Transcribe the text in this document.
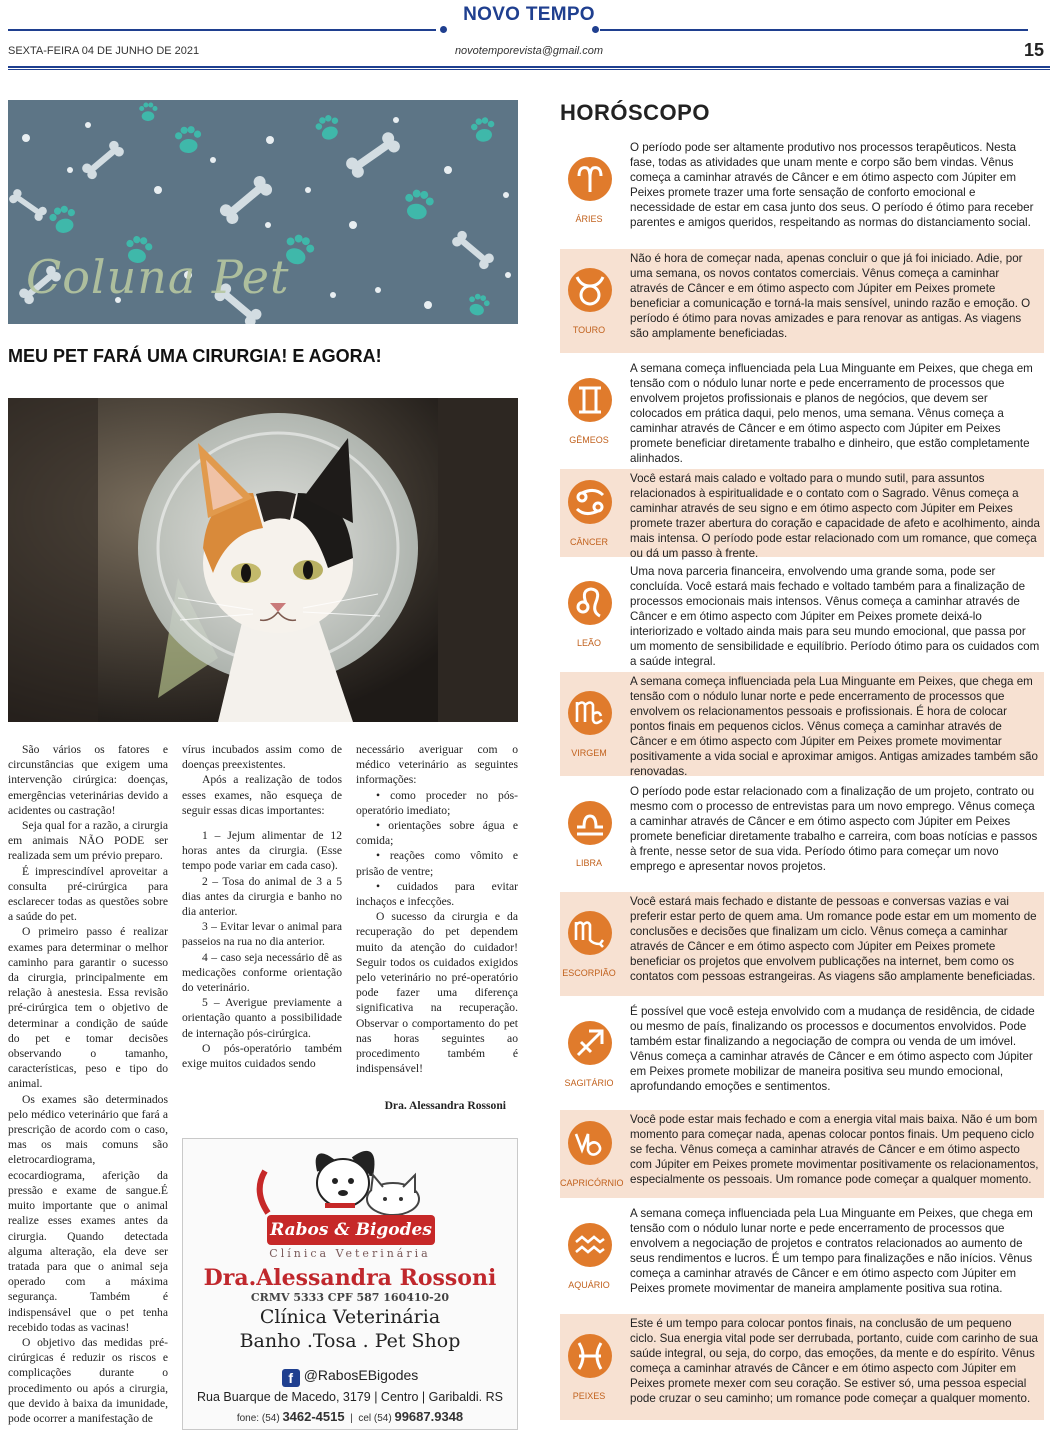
NOVO TEMPO
SEXTA-FEIRA 04 DE JUNHO DE 2021	novotemporevista@gmail.com	15
Coluna Pet
MEU PET FARÁ UMA CIRURGIA! E AGORA!

São vários os fatores e circunstâncias que exigem uma intervenção cirúrgica: doenças, emergências veterinárias devido a acidentes ou castração!

Seja qual for a razão, a cirurgia em animais NÃO PODE ser realizada sem um prévio preparo.

É imprescindível aproveitar a consulta pré-cirúrgica para esclarecer todas as questões sobre a saúde do pet.

O primeiro passo é realizar exames para determinar o melhor caminho para garantir o sucesso da cirurgia, principalmente em relação à anestesia. Essa revisão pré-cirúrgica tem o objetivo de determinar a condição de saúde do pet e tomar decisões observando o tamanho, características, peso e tipo do animal.

Os exames são determinados pelo médico veterinário que fará a prescrição de acordo com o caso, mas os mais comuns são eletrocardiograma, ecocardiograma, aferição da pressão e exame de sangue.É muito importante que o animal realize esses exames antes da cirurgia. Quando detectada alguma alteração, ela deve ser tratada para que o animal seja operado com a máxima segurança. Também é indispensável que o pet tenha recebido todas as vacinas!

O objetivo das medidas pré-cirúrgicas é reduzir os riscos e complicações durante o procedimento ou após a cirurgia, que devido à baixa da imunidade, pode ocorrer a manifestação de

vírus incubados assim como de doenças preexistentes.

Após a realização de todos esses exames, não esqueça de seguir essas dicas importantes:

1 – Jejum alimentar de 12 horas antes da cirurgia. (Esse tempo pode variar em cada caso).

2 – Tosa do animal de 3 a 5 dias antes da cirurgia e banho no dia anterior.

3 – Evitar levar o animal para passeios na rua no dia anterior.

4 – caso seja necessário dê as medicações conforme orientação do veterinário.

5 – Averigue previamente a orientação quanto a possibilidade de internação pós-cirúrgica.

O pós-operatório também exige muitos cuidados sendo

necessário averiguar com o médico veterinário as seguintes informações:

• como proceder no pós-operatório imediato;

• orientações sobre água e comida;

• reações como vômito e prisão de ventre;

• cuidados para evitar inchaços e infecções.

O sucesso da cirurgia e da recuperação do pet dependem muito da atenção do cuidador! Seguir todos os cuidados exigidos pelo veterinário no pré-operatório pode fazer uma diferença significativa na recuperação. Observar o comportamento do pet nas horas seguintes ao procedimento também é indispensável!

Dra. Alessandra Rossoni

Rabos & Bigodes
Clínica Veterinária
Dra.Alessandra Rossoni
CRMV 5333 CPF 587 160410-20
Clínica Veterinária
Banho .Tosa . Pet Shop
f @RabosEBigodes
Rua Buarque de Macedo, 3179 | Centro | Garibaldi. RS
fone: (54) 3462-4515  |  cel (54) 99687.9348
HORÓSCOPO
ÁRIES
O período pode ser altamente produtivo nos processos terapêuticos. Nesta fase, todas as atividades que unam mente e corpo são bem vindas. Vênus começa a caminhar através de Câncer e em ótimo aspecto com Júpiter em Peixes promete trazer uma forte sensação de conforto emocional e necessidade de estar em casa junto dos seus. O período é ótimo para receber parentes e amigos queridos, respeitando as normas do distanciamento social.
TOURO
Não é hora de começar nada, apenas concluir o que já foi iniciado. Adie, por uma semana, os novos contatos comerciais. Vênus começa a caminhar através de Câncer e em ótimo aspecto com Júpiter em Peixes promete beneficiar a comunicação e torná-la mais sensível, unindo razão e emoção. O período é ótimo para novas amizades e para renovar as antigas. As viagens são amplamente beneficiadas.
GÊMEOS
A semana começa influenciada pela Lua Minguante em Peixes, que chega em tensão com o nódulo lunar norte e pede encerramento de processos que envolvem projetos profissionais e planos de negócios, que devem ser colocados em prática daqui, pelo menos, uma semana. Vênus começa a caminhar através de Câncer e em ótimo aspecto com Júpiter em Peixes promete beneficiar diretamente trabalho e dinheiro, que estão completamente alinhados.
CÂNCER
Você estará mais calado e voltado para o mundo sutil, para assuntos relacionados à espiritualidade e o contato com o Sagrado. Vênus começa a caminhar através de seu signo e em ótimo aspecto com Júpiter em Peixes promete trazer abertura do coração e capacidade de afeto e acolhimento, ainda mais intensa. O período pode estar relacionado com um romance, que começa ou dá um passo à frente.
LEÃO
Uma nova parceria financeira, envolvendo uma grande soma, pode ser concluída. Você estará mais fechado e voltado também para a finalização de processos emocionais mais intensos. Vênus começa a caminhar através de Câncer e em ótimo aspecto com Júpiter em Peixes promete deixá-lo interiorizado e voltado ainda mais para seu mundo emocional, que passa por um momento de sensibilidade e equilíbrio. Período ótimo para os cuidados com a saúde integral.
VIRGEM
A semana começa influenciada pela Lua Minguante em Peixes, que chega em tensão com o nódulo lunar norte e pede encerramento de processos que envolvem os relacionamentos pessoais e profissionais. É hora de colocar pontos finais em pequenos ciclos. Vênus começa a caminhar através de Câncer e em ótimo aspecto com Júpiter em Peixes promete movimentar positivamente a vida social e aproximar amigos. Antigas amizades também são renovadas.
LIBRA
O período pode estar relacionado com a finalização de um projeto, contrato ou mesmo com o processo de entrevistas para um novo emprego. Vênus começa a caminhar através de Câncer e em ótimo aspecto com Júpiter em Peixes promete beneficiar diretamente trabalho e carreira, com boas notícias e passos à frente, nesse setor de sua vida. Período ótimo para começar um novo emprego e apresentar novos projetos.
ESCORPIÃO
Você estará mais fechado e distante de pessoas e conversas vazias e vai preferir estar perto de quem ama. Um romance pode estar em um momento de conclusões e decisões que finalizam um ciclo. Vênus começa a caminhar através de Câncer e em ótimo aspecto com Júpiter em Peixes promete beneficiar os projetos que envolvem publicações na internet, bem como os contatos com pessoas estrangeiras. As viagens são amplamente beneficiadas.
SAGITÁRIO
É possível que você esteja envolvido com a mudança de residência, de cidade ou mesmo de país, finalizando os processos e documentos envolvidos. Pode também estar finalizando a negociação de compra ou venda de um imóvel. Vênus começa a caminhar através de Câncer e em ótimo aspecto com Júpiter em Peixes promete mobilizar de maneira positiva seu mundo emocional, aprofundando emoções e sentimentos.
CAPRICÓRNIO
Você pode estar mais fechado e com a energia vital mais baixa. Não é um bom momento para começar nada, apenas colocar pontos finais. Um pequeno ciclo se fecha. Vênus começa a caminhar através de Câncer e em ótimo aspecto com Júpiter em Peixes promete movimentar positivamente os relacionamentos, especialmente os pessoais. Um romance pode começar a qualquer momento.
AQUÁRIO
A semana começa influenciada pela Lua Minguante em Peixes, que chega em tensão com o nódulo lunar norte e pede encerramento de processos que envolvem a negociação de projetos e contratos relacionados ao aumento de seus rendimentos e lucros. É um tempo para finalizações e não inícios. Vênus começa a caminhar através de Câncer e em ótimo aspecto com Júpiter em Peixes promete movimentar de maneira amplamente positiva sua rotina.
PEIXES
Este é um tempo para colocar pontos finais, na conclusão de um pequeno ciclo. Sua energia vital pode ser derrubada, portanto, cuide com carinho de sua saúde integral, ou seja, do corpo, das emoções, da mente e do espírito. Vênus começa a caminhar através de Câncer e em ótimo aspecto com Júpiter em Peixes promete mexer com seu coração. Se estiver só, uma pessoa especial pode cruzar o seu caminho; um romance pode começar a qualquer momento.
